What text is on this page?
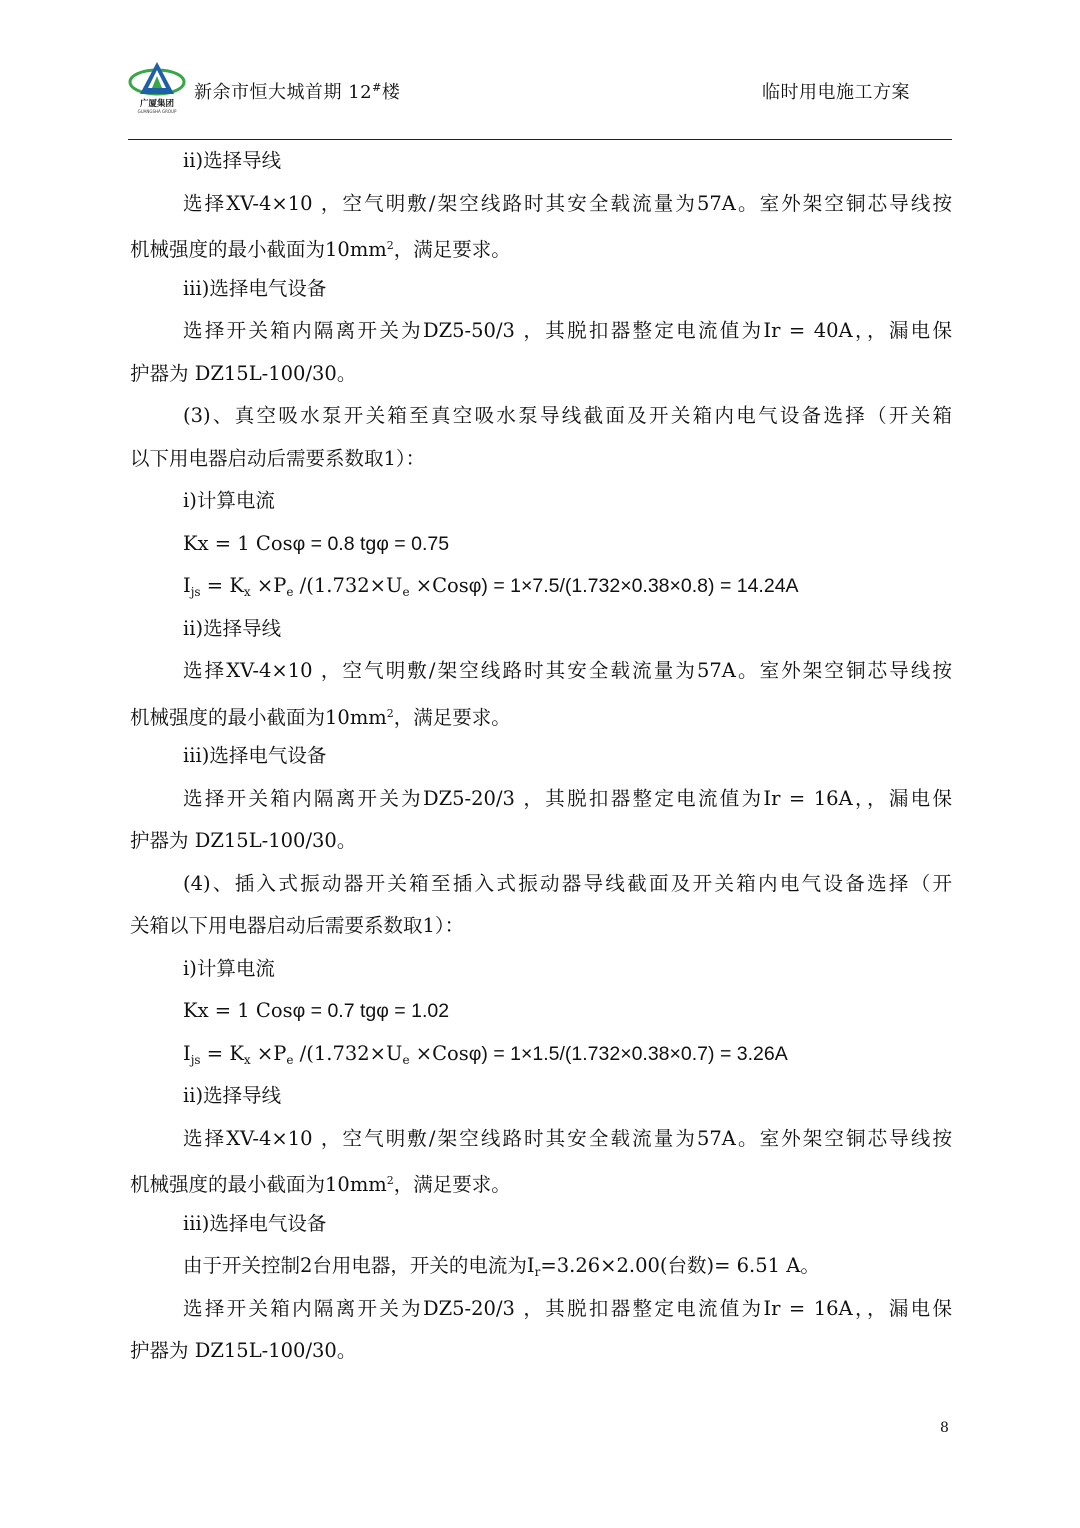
广厦集团
GUANGSHA GROUP
新余市恒大城首期 12#楼	临时用电施工方案
ii)选择导线
选择XV-4×10 ，空气明敷/架空线路时其安全载流量为57A。室外架空铜芯导线按
机械强度的最小截面为$10mm^2$，满足要求。
iii)选择电气设备
选择开关箱内隔离开关为DZ5-50/3 ，其脱扣器整定电流值为Ir = 40A，，漏电保
护器为 DZ15L-100/30。
(3)、真空吸水泵开关箱至真空吸水泵导线截面及开关箱内电气设备选择（开关箱
以下用电器启动后需要系数取1）：
i)计算电流
Kx = 1 Cosφ = 0.8 tgφ = 0.75
$I_{js} = K_x \times P_e$ $/(1.732\times U_e \times Cos\varphi) = 1\times 7.5/(1.732\times 0.38\times 0.8) = 14.24A$
ii)选择导线
选择XV-4×10 ，空气明敷/架空线路时其安全载流量为57A。室外架空铜芯导线按
机械强度的最小截面为$10mm^2$，满足要求。
iii)选择电气设备
选择开关箱内隔离开关为DZ5-20/3 ，其脱扣器整定电流值为Ir = 16A，，漏电保
护器为 DZ15L-100/30。
(4)、插入式振动器开关箱至插入式振动器导线截面及开关箱内电气设备选择（开
关箱以下用电器启动后需要系数取1）：
i)计算电流
Kx = 1 Cosφ = 0.7 tgφ = 1.02
$I_{js} = K_x \times P_e$ $/(1.732\times U_e \times Cos\varphi) = 1\times 1.5/(1.732\times 0.38\times 0.7) = 3.26A$
ii)选择导线
选择XV-4×10 ，空气明敷/架空线路时其安全载流量为57A。室外架空铜芯导线按
机械强度的最小截面为$10mm^2$，满足要求。
iii)选择电气设备
由于开关控制2台用电器，开关的电流为$I_r=3.26\times 2.00$(台数)= 6.51 A。
选择开关箱内隔离开关为DZ5-20/3 ，其脱扣器整定电流值为Ir = 16A，，漏电保
护器为 DZ15L-100/30。
8
